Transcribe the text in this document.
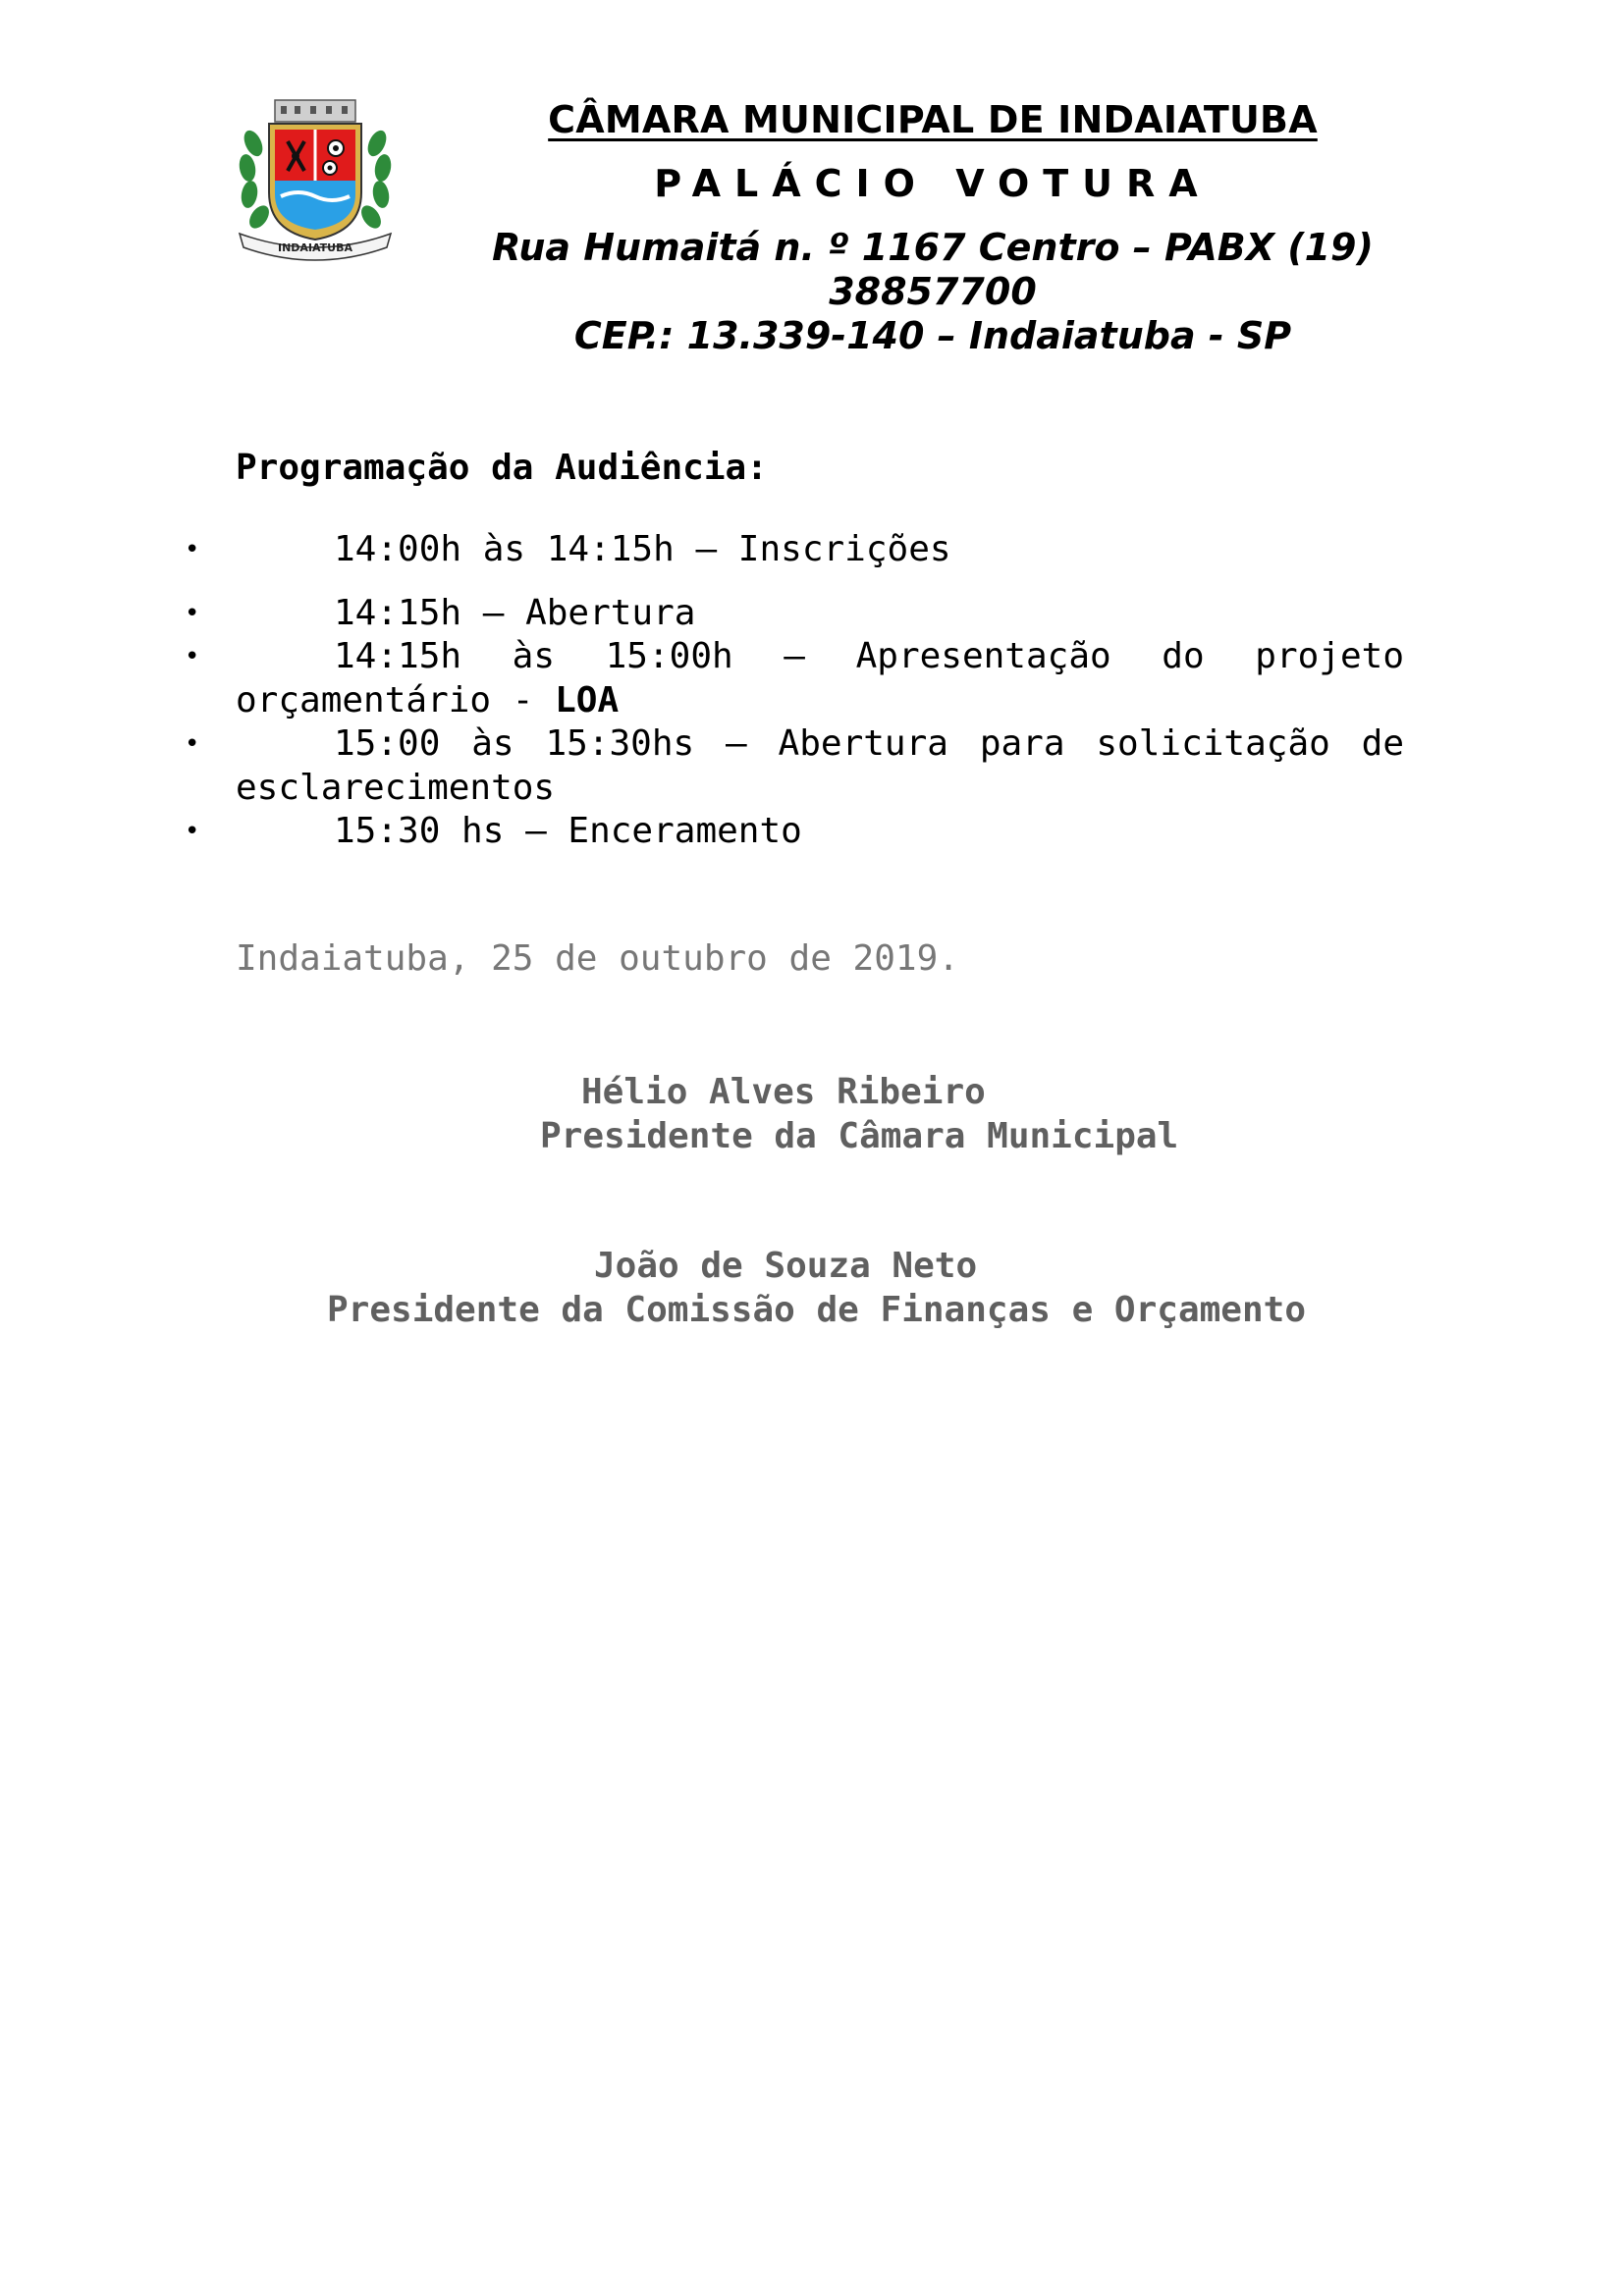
INDAIATUBA
CÂMARA MUNICIPAL DE INDAIATUBA
PALÁCIO VOTURA
Rua Humaitá n. º 1167 Centro – PABX (19) 38857700
CEP.: 13.339-140 – Indaiatuba - SP
Programação da Audiência:
•	14:00h às 14:15h – Inscrições
•	14:15h – Abertura
•	14:15h às 15:00h – Apresentação do projeto orçamentário - LOA
•	15:00 às 15:30hs – Abertura para solicitação de esclarecimentos
•	15:30 hs – Enceramento
Indaiatuba, 25 de outubro de 2019.
Hélio Alves Ribeiro
Presidente da Câmara Municipal
João de Souza Neto
Presidente da Comissão de Finanças e Orçamento
